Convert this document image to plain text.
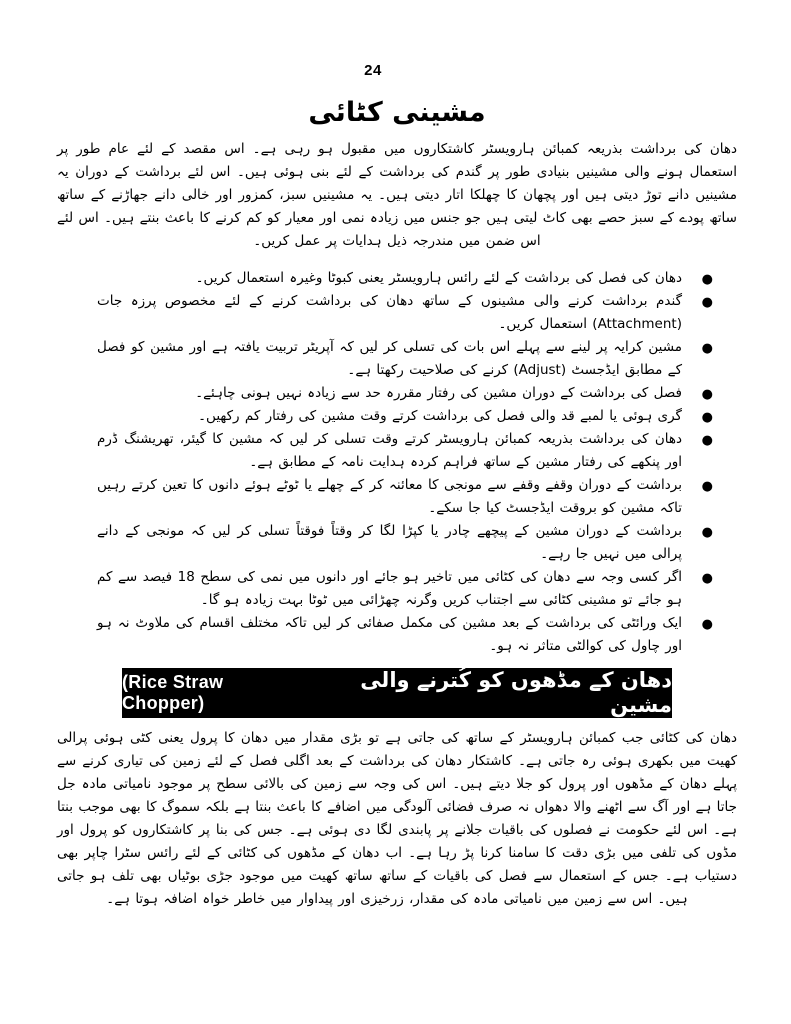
24
مشینی کٹائی

دھان کی برداشت بذریعہ کمبائن ہارویسٹر کاشتکاروں میں مقبول ہو رہی ہے۔ اس مقصد کے لئے عام طور پر استعمال ہونے والی مشینیں بنیادی طور پر گندم کی برداشت کے لئے بنی ہوئی ہیں۔ اس لئے برداشت کے دوران یہ مشینیں دانے توڑ دیتی ہیں اور پچھان کا چھلکا اتار دیتی ہیں۔ یہ مشینیں سبز، کمزور اور خالی دانے جھاڑنے کے ساتھ ساتھ پودے کے سبز حصے بھی کاٹ لیتی ہیں جو جنس میں زیادہ نمی اور معیار کو کم کرنے کا باعث بنتے ہیں۔ اس لئے اس ضمن میں مندرجہ ذیل ہدایات پر عمل کریں۔

●
دھان کی فصل کی برداشت کے لئے رائس ہارویسٹر یعنی کبوٹا وغیرہ استعمال کریں۔
●
گندم برداشت کرنے والی مشینوں کے ساتھ دھان کی برداشت کرنے کے لئے مخصوص پرزہ جات (Attachment) استعمال کریں۔
●
مشین کرایہ پر لینے سے پہلے اس بات کی تسلی کر لیں کہ آپریٹر تربیت یافتہ ہے اور مشین کو فصل کے مطابق ایڈجسٹ (Adjust) کرنے کی صلاحیت رکھتا ہے۔
●
فصل کی برداشت کے دوران مشین کی رفتار مقررہ حد سے زیادہ نہیں ہونی چاہئے۔
●
گری ہوئی یا لمبے قد والی فصل کی برداشت کرتے وقت مشین کی رفتار کم رکھیں۔
●
دھان کی برداشت بذریعہ کمبائن ہارویسٹر کرتے وقت تسلی کر لیں کہ مشین کا گیئر، تھریشنگ ڈرم اور پنکھے کی رفتار مشین کے ساتھ فراہم کردہ ہدایت نامہ کے مطابق ہے۔
●
برداشت کے دوران وقفے وقفے سے مونجی کا معائنہ کر کے چھلے یا ٹوٹے ہوئے دانوں کا تعین کرتے رہیں تاکہ مشین کو بروقت ایڈجسٹ کیا جا سکے۔
●
برداشت کے دوران مشین کے پیچھے چادر یا کپڑا لگا کر وقتاً فوقتاً تسلی کر لیں کہ مونجی کے دانے پرالی میں نہیں جا رہے۔
●
اگر کسی وجہ سے دھان کی کٹائی میں تاخیر ہو جائے اور دانوں میں نمی کی سطح 18 فیصد سے کم ہو جائے تو مشینی کٹائی سے اجتناب کریں وگرنہ چھڑائی میں ٹوٹا بہت زیادہ ہو گا۔
●
ایک ورائٹی کی برداشت کے بعد مشین کی مکمل صفائی کر لیں تاکہ مختلف اقسام کی ملاوٹ نہ ہو اور چاول کی کوالٹی متاثر نہ ہو۔
دھان کے مڈھوں کو کُترنے والی مشین
(Rice Straw Chopper)

دھان کی کٹائی جب کمبائن ہارویسٹر کے ساتھ کی جاتی ہے تو بڑی مقدار میں دھان کا پرول یعنی کٹی ہوئی پرالی کھیت میں بکھری ہوئی رہ جاتی ہے۔ کاشتکار دھان کی برداشت کے بعد اگلی فصل کے لئے زمین کی تیاری کرنے سے پہلے دھان کے مڈھوں اور پرول کو جلا دیتے ہیں۔ اس کی وجہ سے زمین کی بالائی سطح پر موجود نامیاتی مادہ جل جاتا ہے اور آگ سے اٹھنے والا دھواں نہ صرف فضائی آلودگی میں اضافے کا باعث بنتا ہے بلکہ سموگ کا بھی موجب بنتا ہے۔ اس لئے حکومت نے فصلوں کی باقیات جلانے پر پابندی لگا دی ہوئی ہے۔ جس کی بنا پر کاشتکاروں کو پرول اور مڈوں کی تلفی میں بڑی دقت کا سامنا کرنا پڑ رہا ہے۔ اب دھان کے مڈھوں کی کٹائی کے لئے رائس سٹرا چاپر بھی دستیاب ہے۔ جس کے استعمال سے فصل کی باقیات کے ساتھ ساتھ کھیت میں موجود جڑی بوٹیاں بھی تلف ہو جاتی ہیں۔ اس سے زمین میں نامیاتی مادہ کی مقدار، زرخیزی اور پیداوار میں خاطر خواہ اضافہ ہوتا ہے۔
